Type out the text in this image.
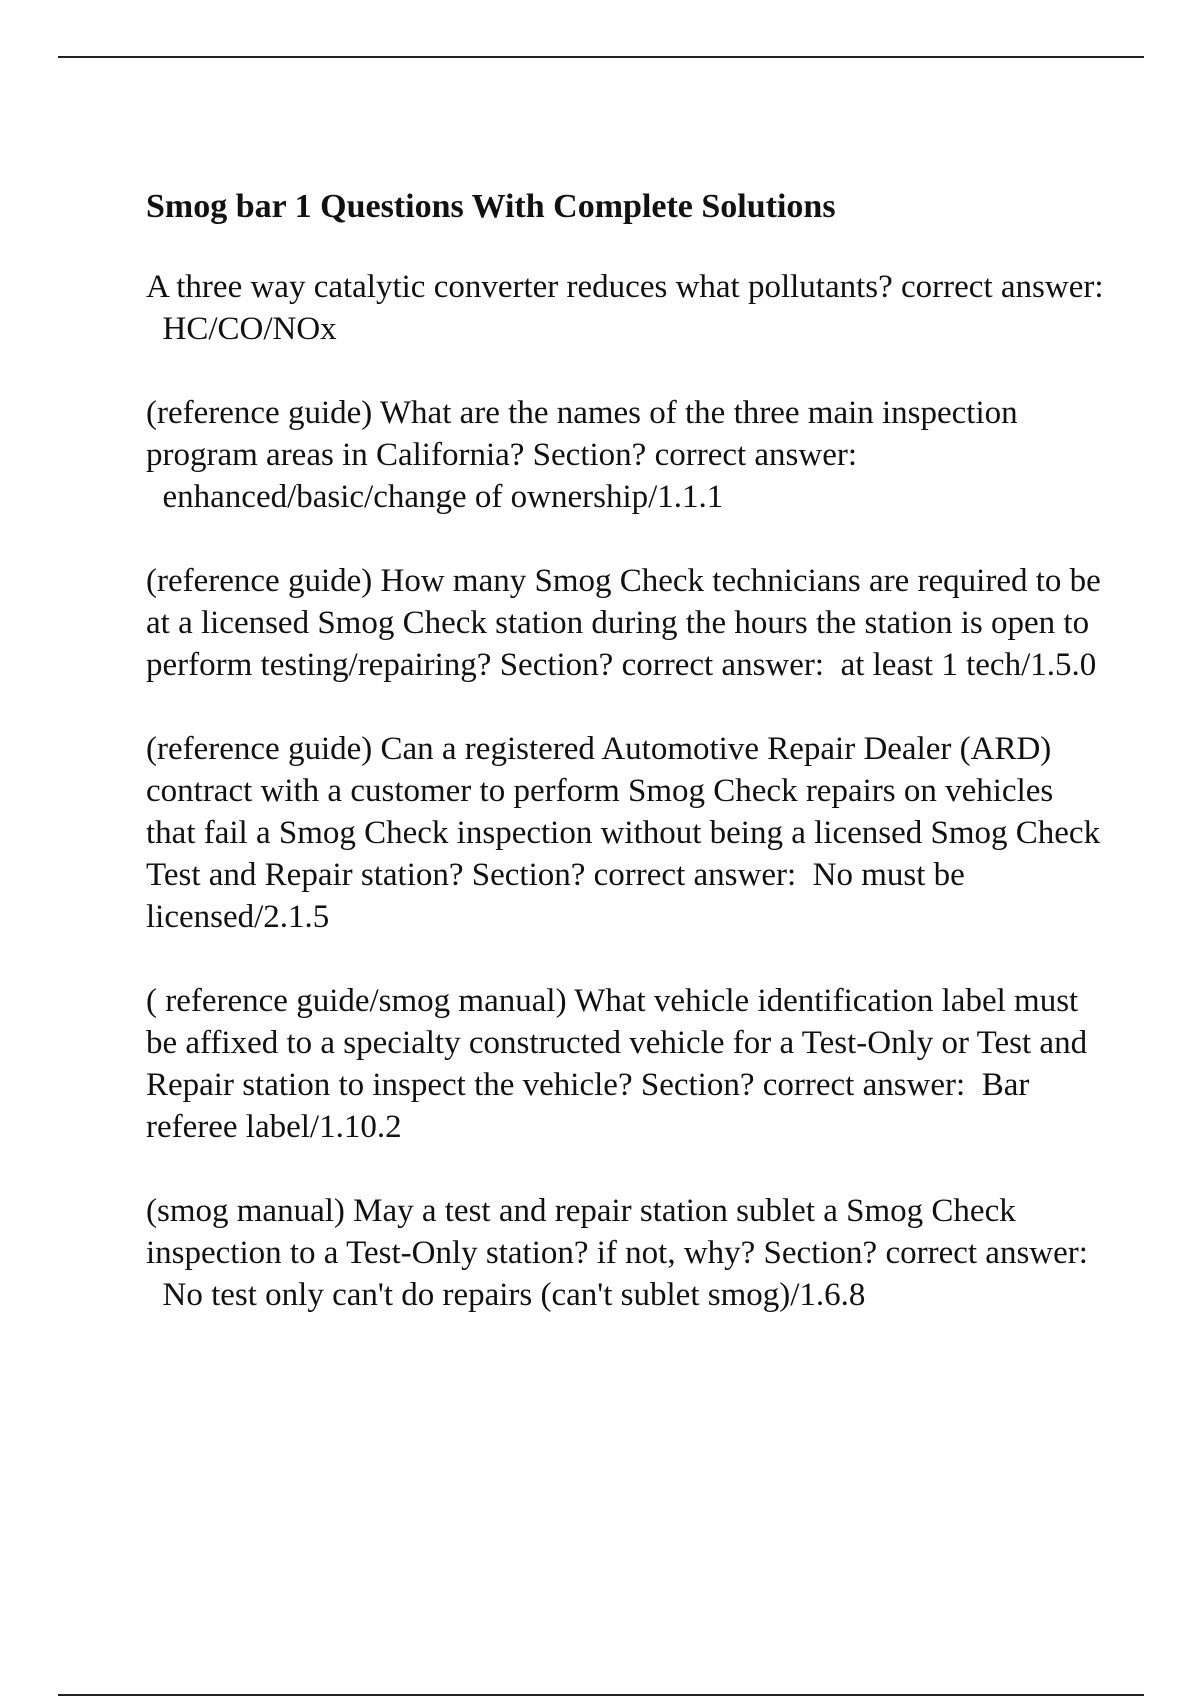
Smog bar 1 Questions With Complete Solutions

A three way catalytic converter reduces what pollutants? correct answer:  HC/CO/NOx

(reference guide) What are the names of the three main inspection program areas in California? Section? correct answer:  enhanced/basic/change of ownership/1.1.1

(reference guide) How many Smog Check technicians are required to be at a licensed Smog Check station during the hours the station is open to perform testing/repairing? Section? correct answer: at least 1 tech/1.5.0

(reference guide) Can a registered Automotive Repair Dealer (ARD) contract with a customer to perform Smog Check repairs on vehicles that fail a Smog Check inspection without being a licensed Smog Check Test and Repair station? Section? correct answer: No must be licensed/2.1.5

( reference guide/smog manual) What vehicle identification label must be affixed to a specialty constructed vehicle for a Test-Only or Test and Repair station to inspect the vehicle? Section? correct answer: Bar referee label/1.10.2

(smog manual) May a test and repair station sublet a Smog Check inspection to a Test-Only station? if not, why? Section? correct answer:  No test only can't do repairs (can't sublet smog)/1.6.8
